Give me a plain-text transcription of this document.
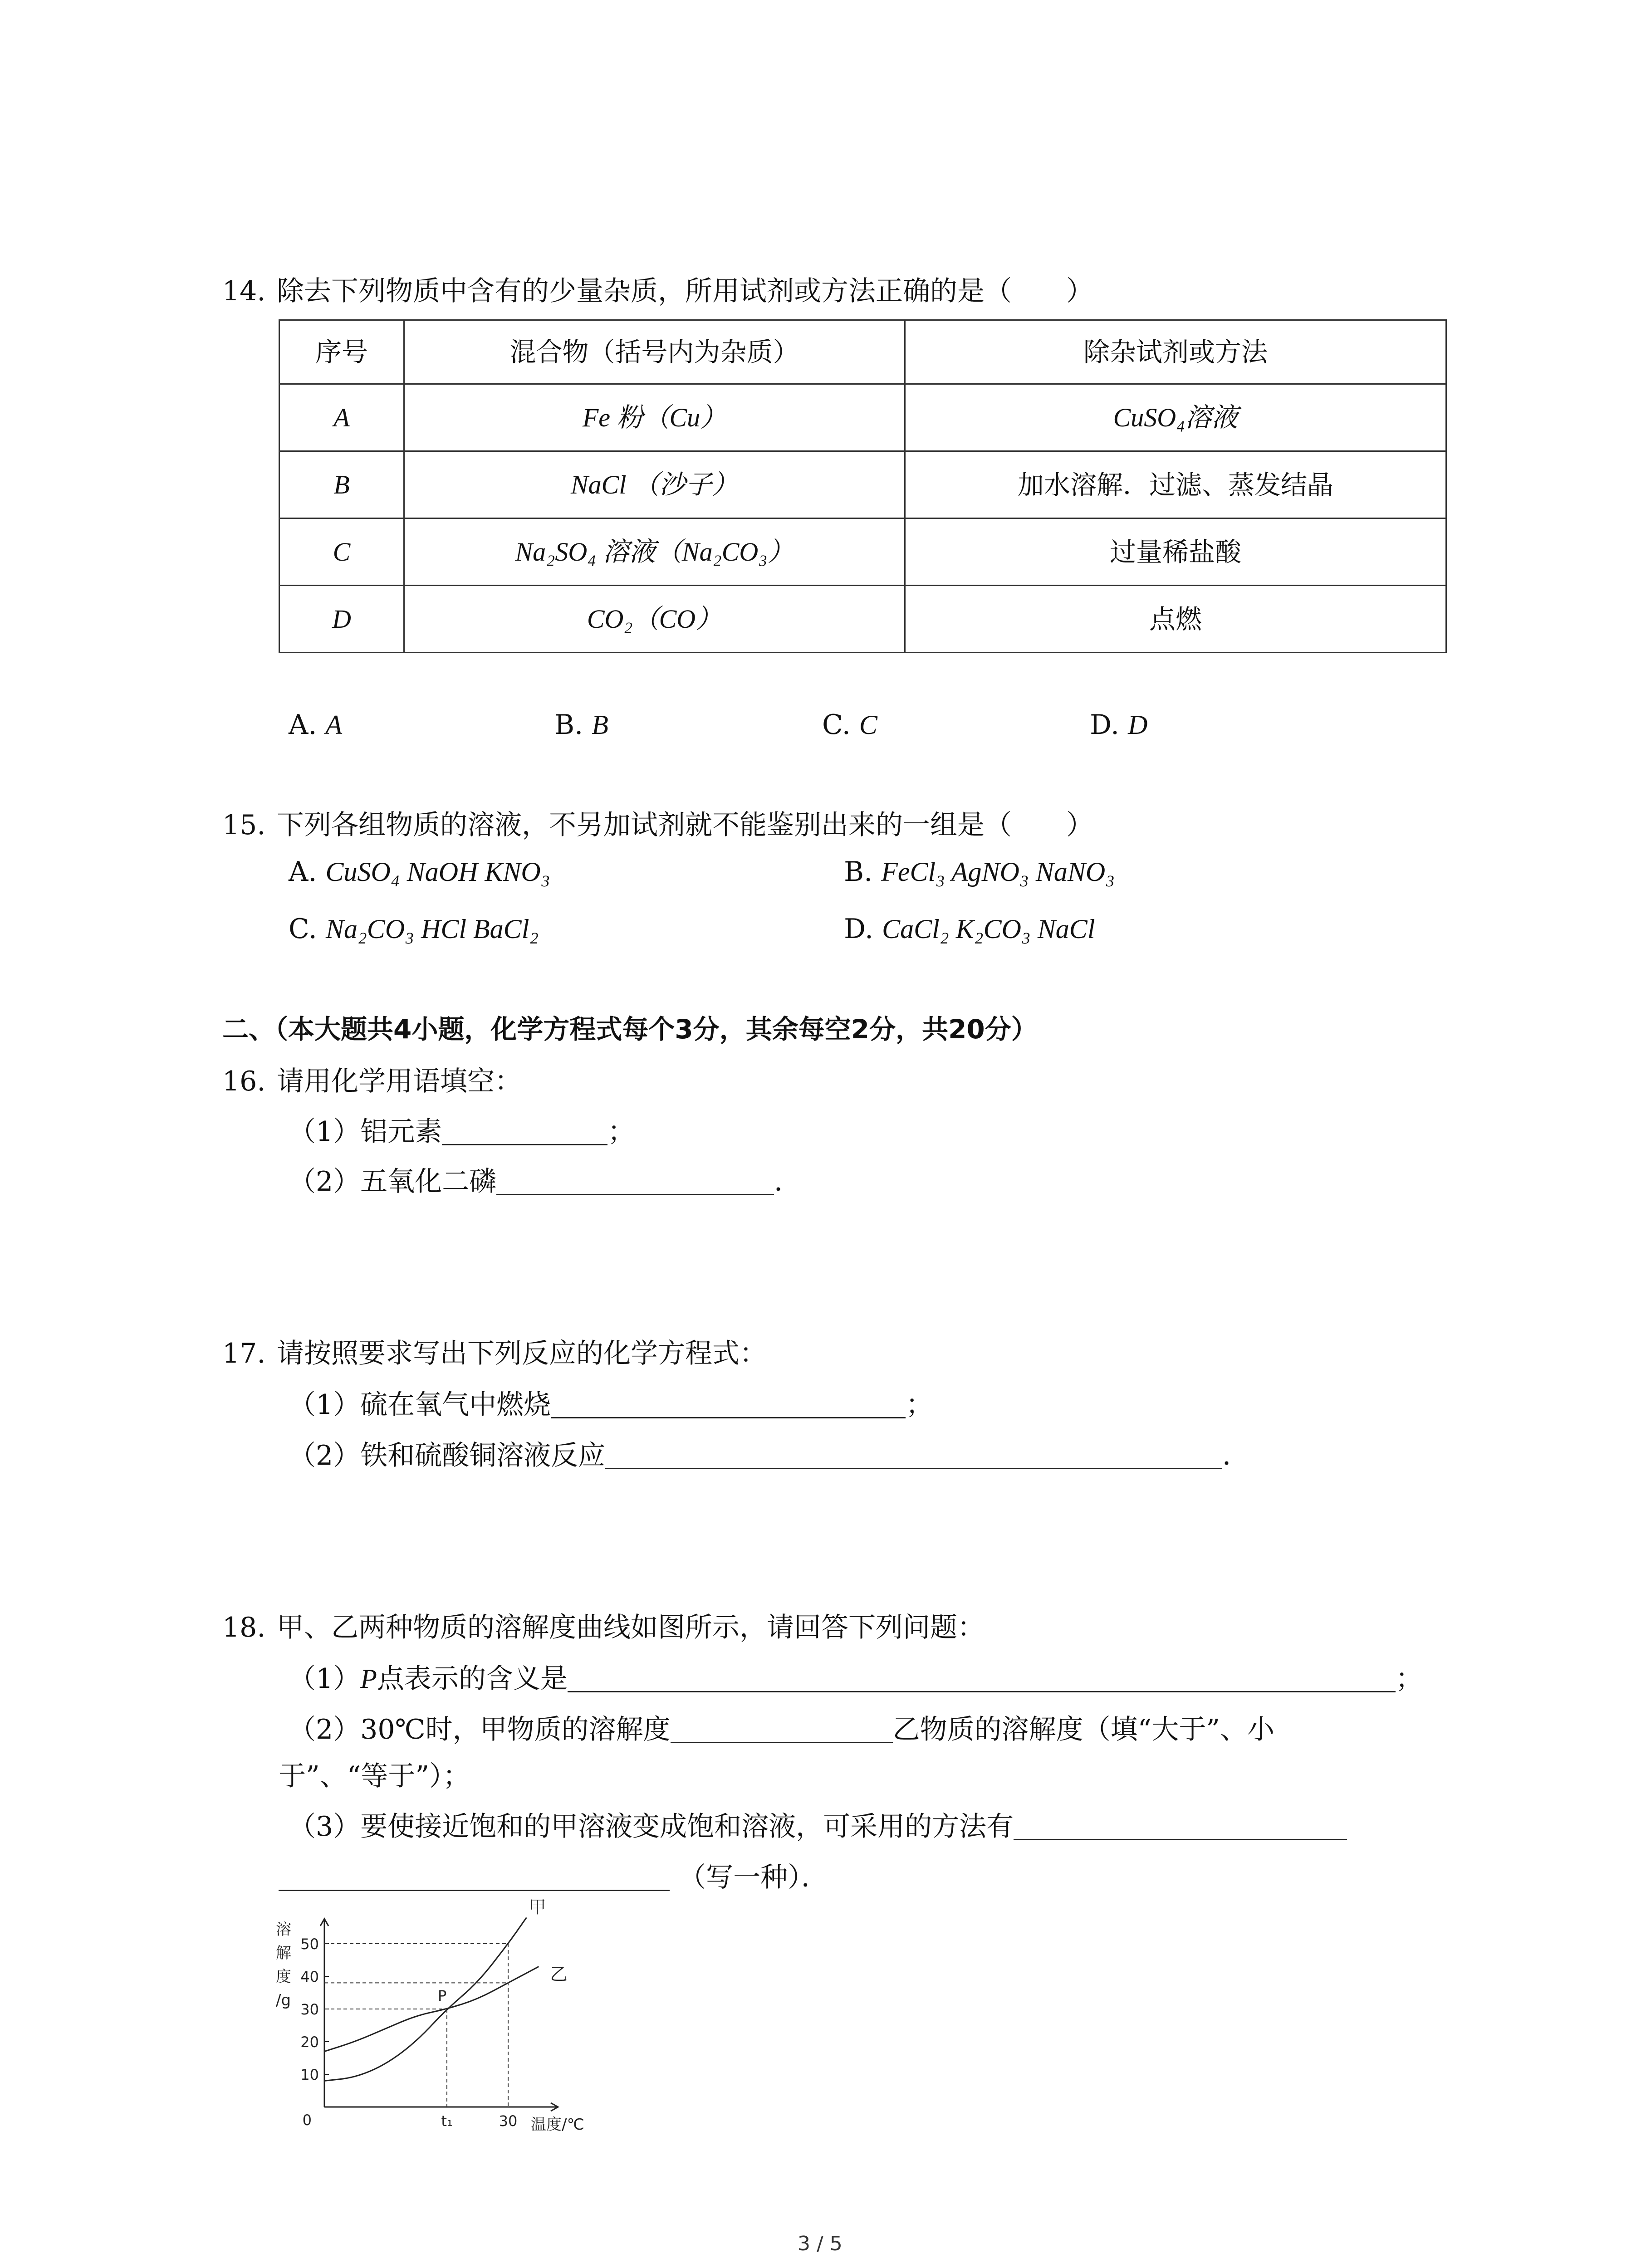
14. 除去下列物质中含有的少量杂质，所用试剂或方法正确的是（　　）
序号	混合物（括号内为杂质）	除杂试剂或方法
A	Fe 粉（Cu）	CuSO₄溶液
B	NaCl （沙子）	加水溶解．过滤、蒸发结晶
C	Na₂SO₄ 溶液（Na₂CO₃）	过量稀盐酸
D	CO₂（CO）	点燃
A. A	B. B	C. C	D. D
15. 下列各组物质的溶液，不另加试剂就不能鉴别出来的一组是（　　）
A. CuSO₄ NaOH KNO₃	B. FeCl₃ AgNO₃ NaNO₃
C. Na₂CO₃ HCl BaCl₂	D. CaCl₂ K₂CO₃ NaCl
二、（本大题共4小题，化学方程式每个3分，其余每空2分，共20分）
16. 请用化学用语填空：
（1）铝元素	；
（2）五氧化二磷	．
17. 请按照要求写出下列反应的化学方程式：
（1）硫在氧气中燃烧	；
（2）铁和硫酸铜溶液反应	．
18. 甲、乙两种物质的溶解度曲线如图所示，请回答下列问题：
（1）P点表示的含义是	；
（2）30℃时，甲物质的溶解度	乙物质的溶解度（填“大于”、小
于”、“等于”）；
（3）要使接近饱和的甲溶液变成饱和溶液，可采用的方法有
（写一种）．
0
10
20
30
40
50
溶
解
度
/g
甲
乙
P
t₁	30 温度/℃
3 / 5
